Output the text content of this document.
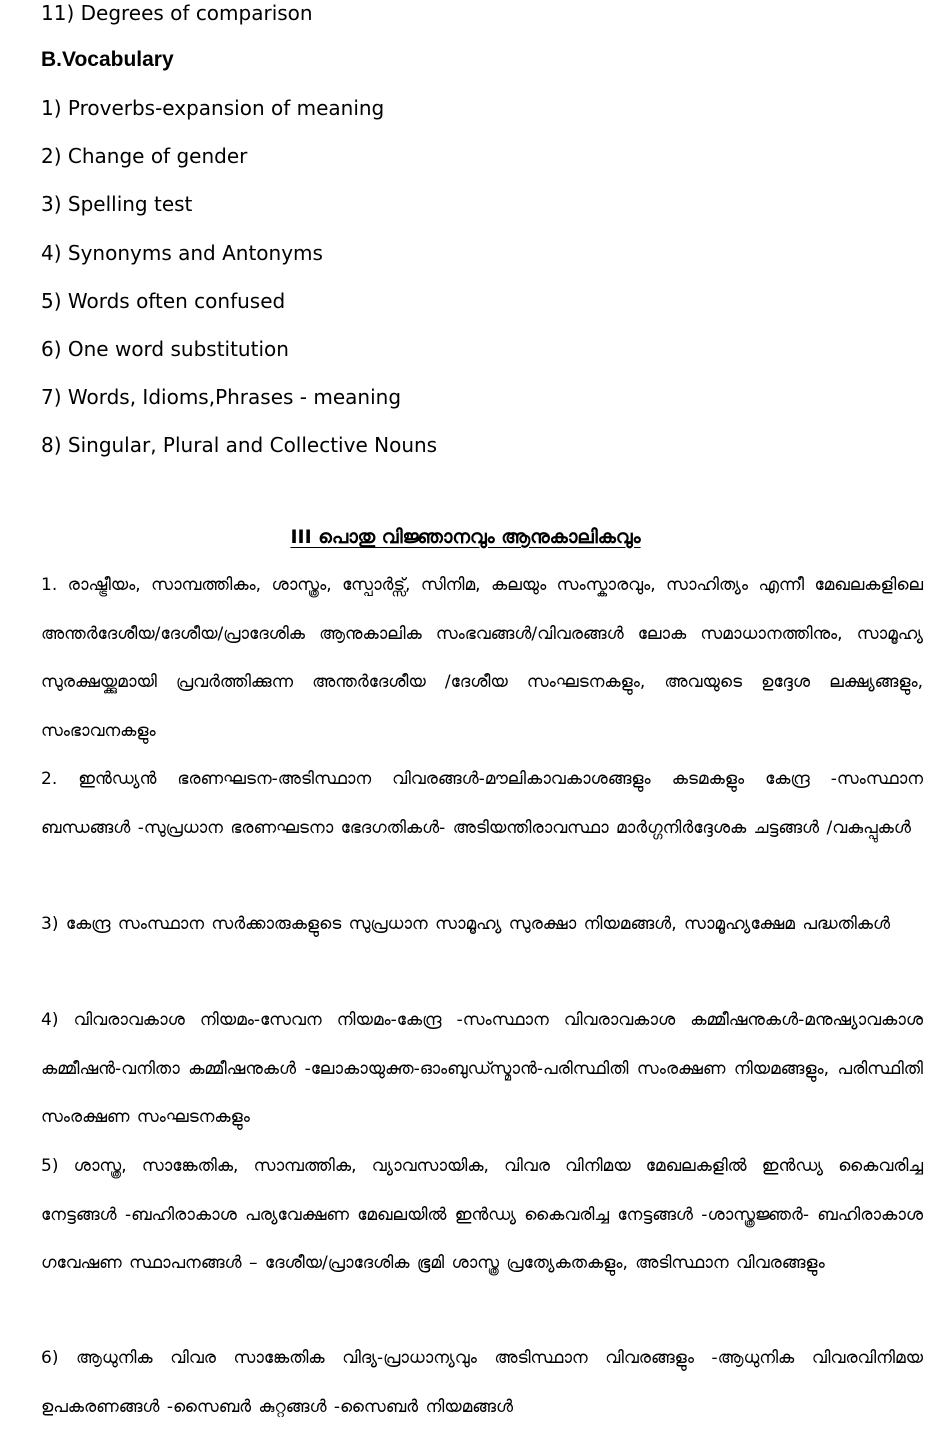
11) Degrees of comparison
B.Vocabulary
1) Proverbs-expansion of meaning
2) Change of gender
3) Spelling test
4) Synonyms and Antonyms
5) Words often confused
6) One word substitution
7) Words, Idioms,Phrases - meaning
8) Singular, Plural and Collective Nouns
III പൊതു വിജ്ഞാനവും ആനുകാലികവും
1. രാഷ്ട്രീയം, സാമ്പത്തികം, ശാസ്ത്രം, സ്പോർട്സ്, സിനിമ, കലയും സംസ്കാരവും, സാഹിത്യം എന്നീ മേഖലകളിലെ അന്തർദേശീയ/ദേശീയ/പ്രാദേശിക ആനുകാലിക സംഭവങ്ങൾ/വിവരങ്ങൾ ലോക സമാധാനത്തിനും, സാമൂഹ്യ സുരക്ഷയ്ക്കുമായി പ്രവർത്തിക്കുന്ന അന്തർദേശീയ /ദേശീയ സംഘടനകളും, അവയുടെ ഉദ്ദേശ ലക്ഷ്യങ്ങളും, സംഭാവനകളും
2. ഇൻഡ്യൻ ഭരണഘടന-അടിസ്ഥാന വിവരങ്ങൾ-മൗലികാവകാശങ്ങളും കടമകളും കേന്ദ്ര -സംസ്ഥാന ബന്ധങ്ങൾ -സുപ്രധാന ഭരണഘടനാ ഭേദഗതികൾ- അടിയന്തിരാവസ്ഥാ മാർഗ്ഗനിർദ്ദേശക ചട്ടങ്ങൾ /വകുപ്പുകൾ
3) കേന്ദ്ര സംസ്ഥാന സർക്കാരുകളുടെ സുപ്രധാന സാമൂഹ്യ സുരക്ഷാ നിയമങ്ങൾ, സാമൂഹ്യക്ഷേമ പദ്ധതികൾ
4) വിവരാവകാശ നിയമം-സേവന നിയമം-കേന്ദ്ര -സംസ്ഥാന വിവരാവകാശ കമ്മീഷനുകൾ-മനുഷ്യാവകാശ കമ്മീഷൻ-വനിതാ കമ്മീഷനുകൾ -ലോകായുക്ത-ഓംബുഡ്സ്മാൻ-പരിസ്ഥിതി സംരക്ഷണ നിയമങ്ങളും, പരിസ്ഥിതി സംരക്ഷണ സംഘടനകളും
5) ശാസ്ത്ര, സാങ്കേതിക, സാമ്പത്തിക, വ്യാവസായിക, വിവര വിനിമയ മേഖലകളിൽ ഇൻഡ്യ കൈവരിച്ച നേട്ടങ്ങൾ -ബഹിരാകാശ പര്യവേക്ഷണ മേഖലയിൽ ഇൻഡ്യ കൈവരിച്ച നേട്ടങ്ങൾ -ശാസ്ത്രജ്ഞർ- ബഹിരാകാശ ഗവേഷണ സ്ഥാപനങ്ങൾ – ദേശീയ/പ്രാദേശിക ഭൂമി ശാസ്ത്ര പ്രത്യേകതകളും, അടിസ്ഥാന വിവരങ്ങളും
6) ആധുനിക വിവര സാങ്കേതിക വിദ്യ-പ്രാധാന്യവും അടിസ്ഥാന വിവരങ്ങളും -ആധുനിക വിവരവിനിമയ ഉപകരണങ്ങൾ -സൈബർ കുറ്റങ്ങൾ -സൈബർ നിയമങ്ങൾ
